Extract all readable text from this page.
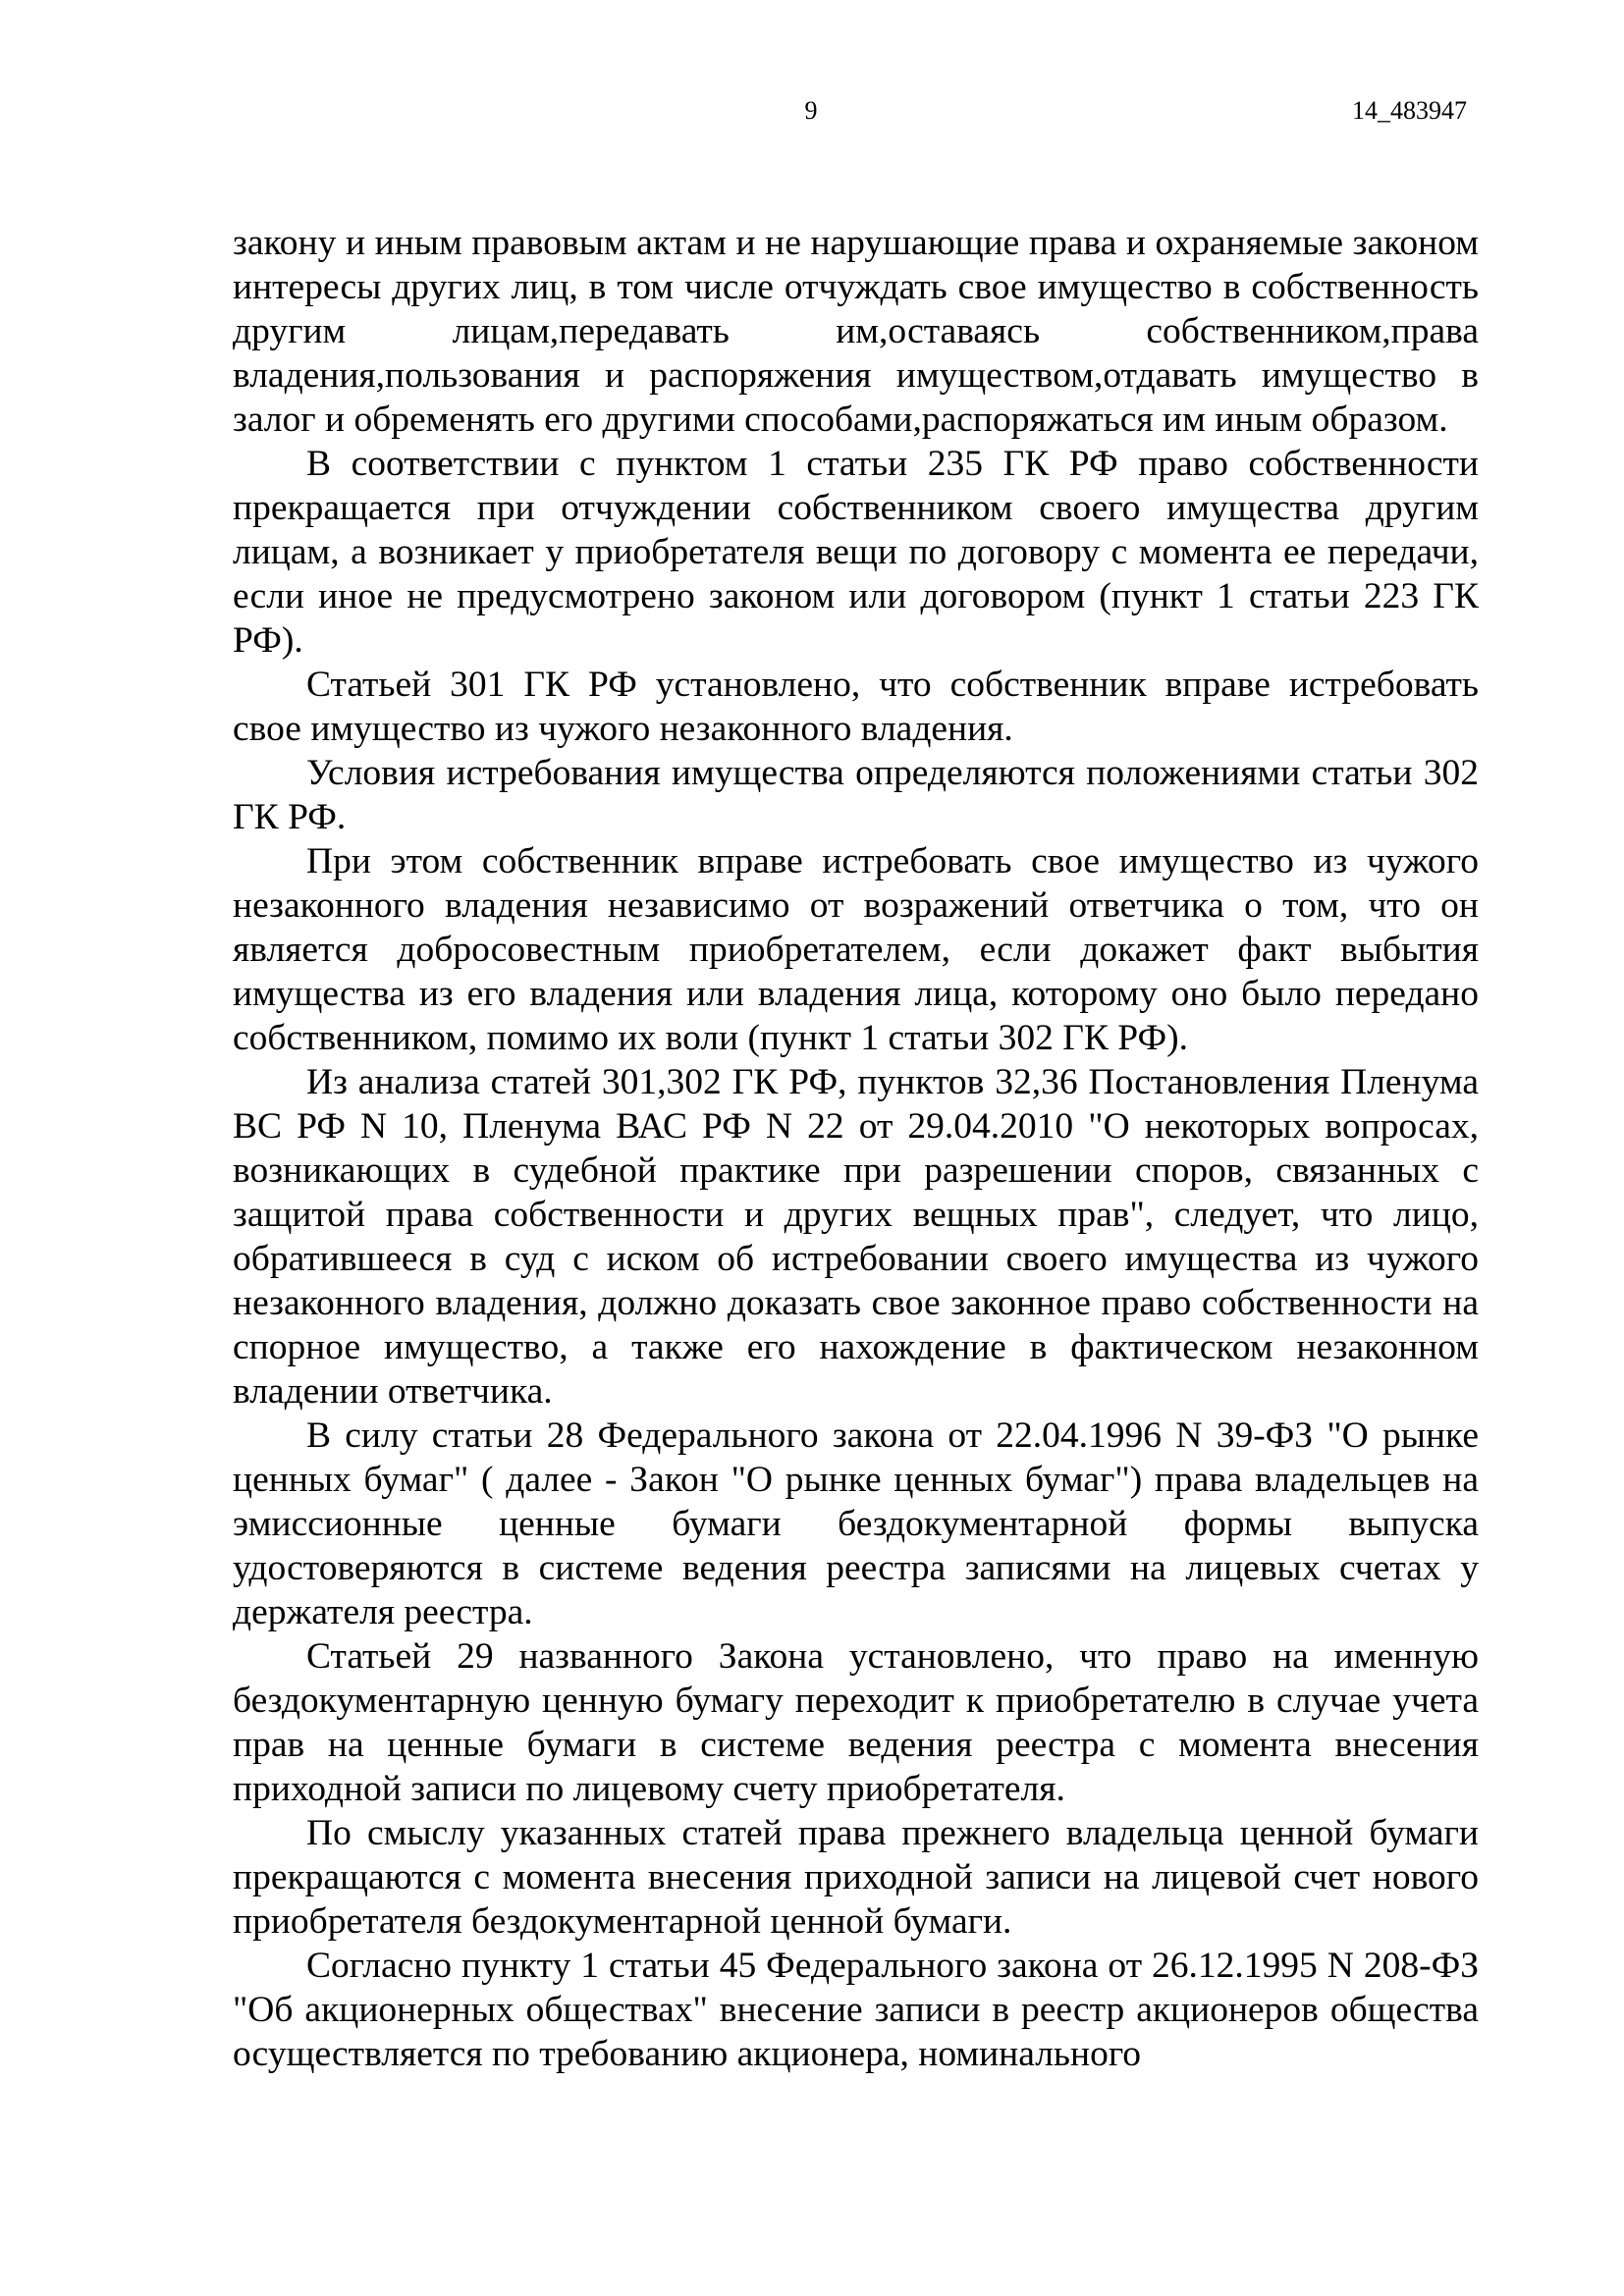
9	14_483947

закону и иным правовым актам и не нарушающие права и охраняемые законом интересы других лиц, в том числе отчуждать свое имущество в собственность другим лицам,передавать им,оставаясь собственником,права владения,пользования и распоряжения имуществом,отдавать имущество в залог и обременять его другими способами,распоряжаться им иным образом.

В соответствии с пунктом 1 статьи 235 ГК РФ право собственности прекращается при отчуждении собственником своего имущества другим лицам, а возникает у приобретателя вещи по договору с момента ее передачи, если иное не предусмотрено законом или договором (пункт 1 статьи 223 ГК РФ).

Статьей 301 ГК РФ установлено, что собственник вправе истребовать свое имущество из чужого незаконного владения.

Условия истребования имущества определяются положениями статьи 302 ГК РФ.

При этом собственник вправе истребовать свое имущество из чужого незаконного владения независимо от возражений ответчика о том, что он является добросовестным приобретателем, если докажет факт выбытия имущества из его владения или владения лица, которому оно было передано собственником, помимо их воли (пункт 1 статьи 302 ГК РФ).

Из анализа статей 301,302 ГК РФ, пунктов 32,36 Постановления Пленума ВС РФ N 10, Пленума ВАС РФ N 22 от 29.04.2010 "О некоторых вопросах, возникающих в судебной практике при разрешении споров, связанных с защитой права собственности и других вещных прав", следует, что лицо, обратившееся в суд с иском об истребовании своего имущества из чужого незаконного владения, должно доказать свое законное право собственности на спорное имущество, а также его нахождение в фактическом незаконном владении ответчика.

В силу статьи 28 Федерального закона от 22.04.1996 N 39-ФЗ "О рынке ценных бумаг" ( далее - Закон "О рынке ценных бумаг") права владельцев на эмиссионные ценные бумаги бездокументарной формы выпуска удостоверяются в системе ведения реестра записями на лицевых счетах у держателя реестра.

Статьей 29 названного Закона установлено, что право на именную бездокументарную ценную бумагу переходит к приобретателю в случае учета прав на ценные бумаги в системе ведения реестра с момента внесения приходной записи по лицевому счету приобретателя.

По смыслу указанных статей права прежнего владельца ценной бумаги прекращаются с момента внесения приходной записи на лицевой счет нового приобретателя бездокументарной ценной бумаги.

Согласно пункту 1 статьи 45 Федерального закона от 26.12.1995 N 208-ФЗ "Об акционерных обществах" внесение записи в реестр акционеров общества осуществляется по требованию акционера, номинального
